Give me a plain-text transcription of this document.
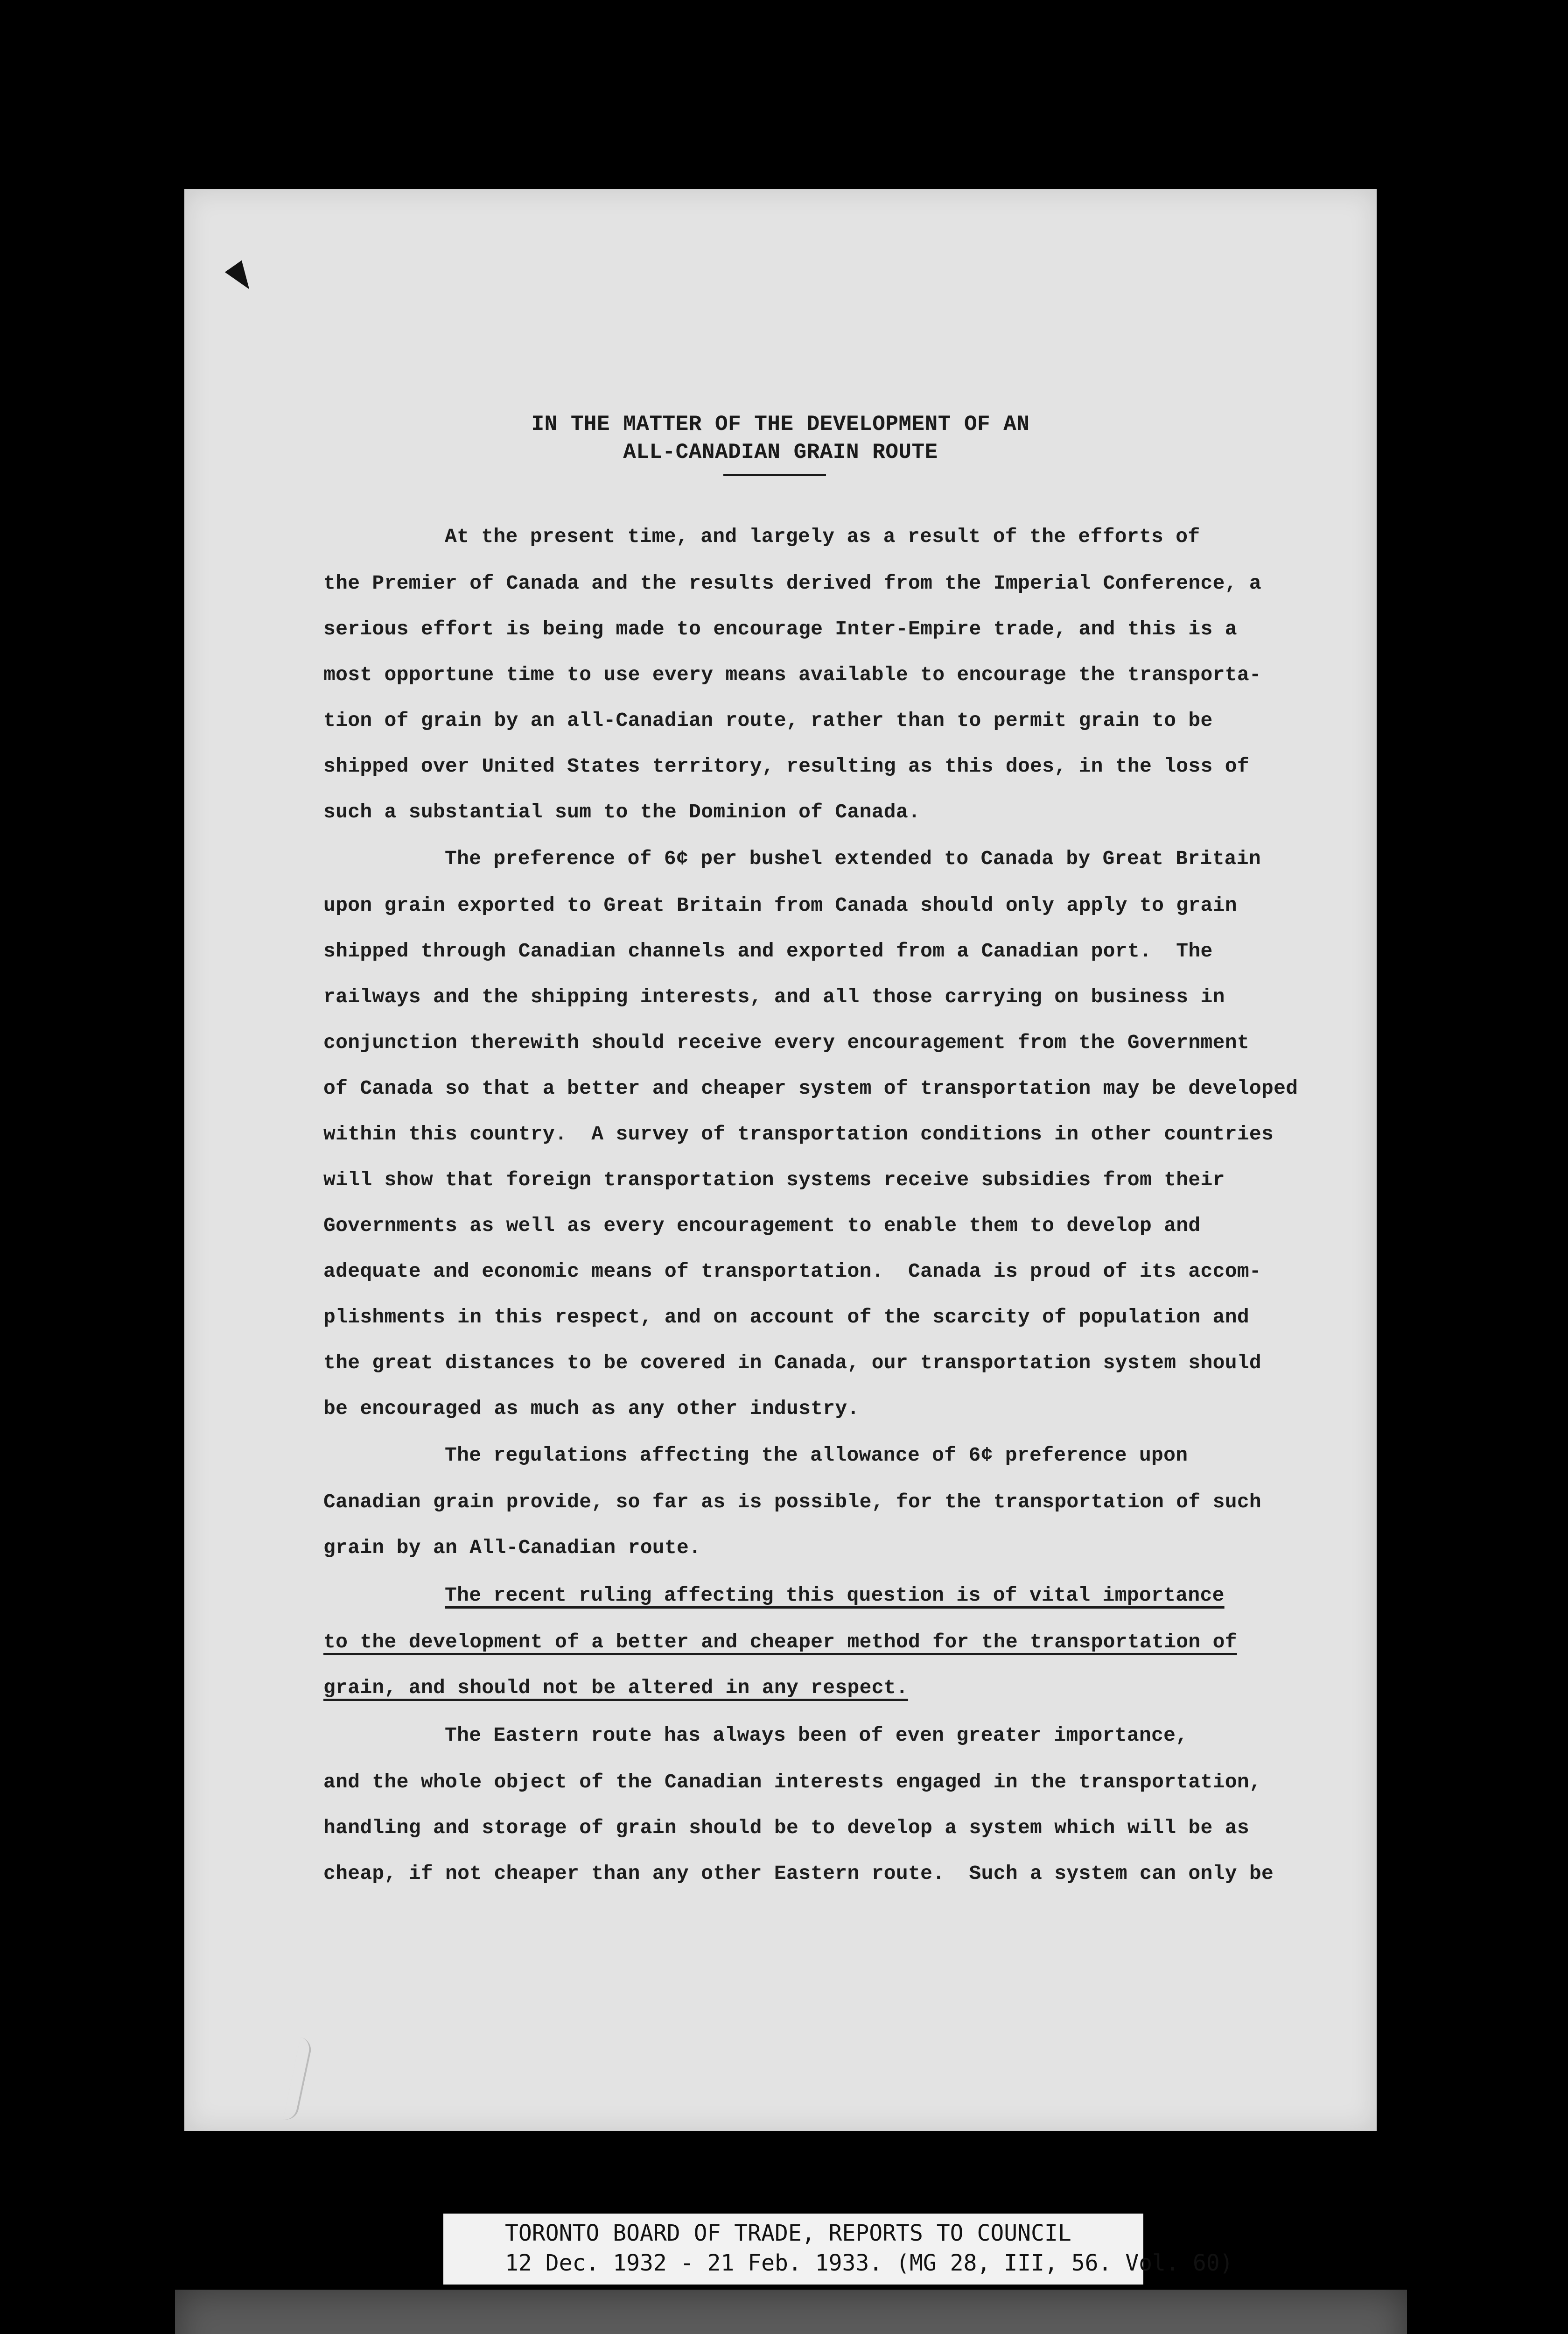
IN THE MATTER OF THE DEVELOPMENT OF AN
ALL-CANADIAN GRAIN ROUTE
At the present time, and largely as a result of the efforts of
the Premier of Canada and the results derived from the Imperial Conference, a
serious effort is being made to encourage Inter-Empire trade, and this is a
most opportune time to use every means available to encourage the transporta-
tion of grain by an all-Canadian route, rather than to permit grain to be
shipped over United States territory, resulting as this does, in the loss of
such a substantial sum to the Dominion of Canada.
The preference of 6¢ per bushel extended to Canada by Great Britain
upon grain exported to Great Britain from Canada should only apply to grain
shipped through Canadian channels and exported from a Canadian port.  The
railways and the shipping interests, and all those carrying on business in
conjunction therewith should receive every encouragement from the Government
of Canada so that a better and cheaper system of transportation may be developed
within this country.  A survey of transportation conditions in other countries
will show that foreign transportation systems receive subsidies from their
Governments as well as every encouragement to enable them to develop and
adequate and economic means of transportation.  Canada is proud of its accom-
plishments in this respect, and on account of the scarcity of population and
the great distances to be covered in Canada, our transportation system should
be encouraged as much as any other industry.
The regulations affecting the allowance of 6¢ preference upon
Canadian grain provide, so far as is possible, for the transportation of such
grain by an All-Canadian route.
The recent ruling affecting this question is of vital importance
to the development of a better and cheaper method for the transportation of
grain, and should not be altered in any respect.
The Eastern route has always been of even greater importance,
and the whole object of the Canadian interests engaged in the transportation,
handling and storage of grain should be to develop a system which will be as
cheap, if not cheaper than any other Eastern route.  Such a system can only be
TORONTO BOARD OF TRADE, REPORTS TO COUNCIL
12 Dec. 1932 - 21 Feb. 1933. (MG 28, III, 56. Vol. 60)
